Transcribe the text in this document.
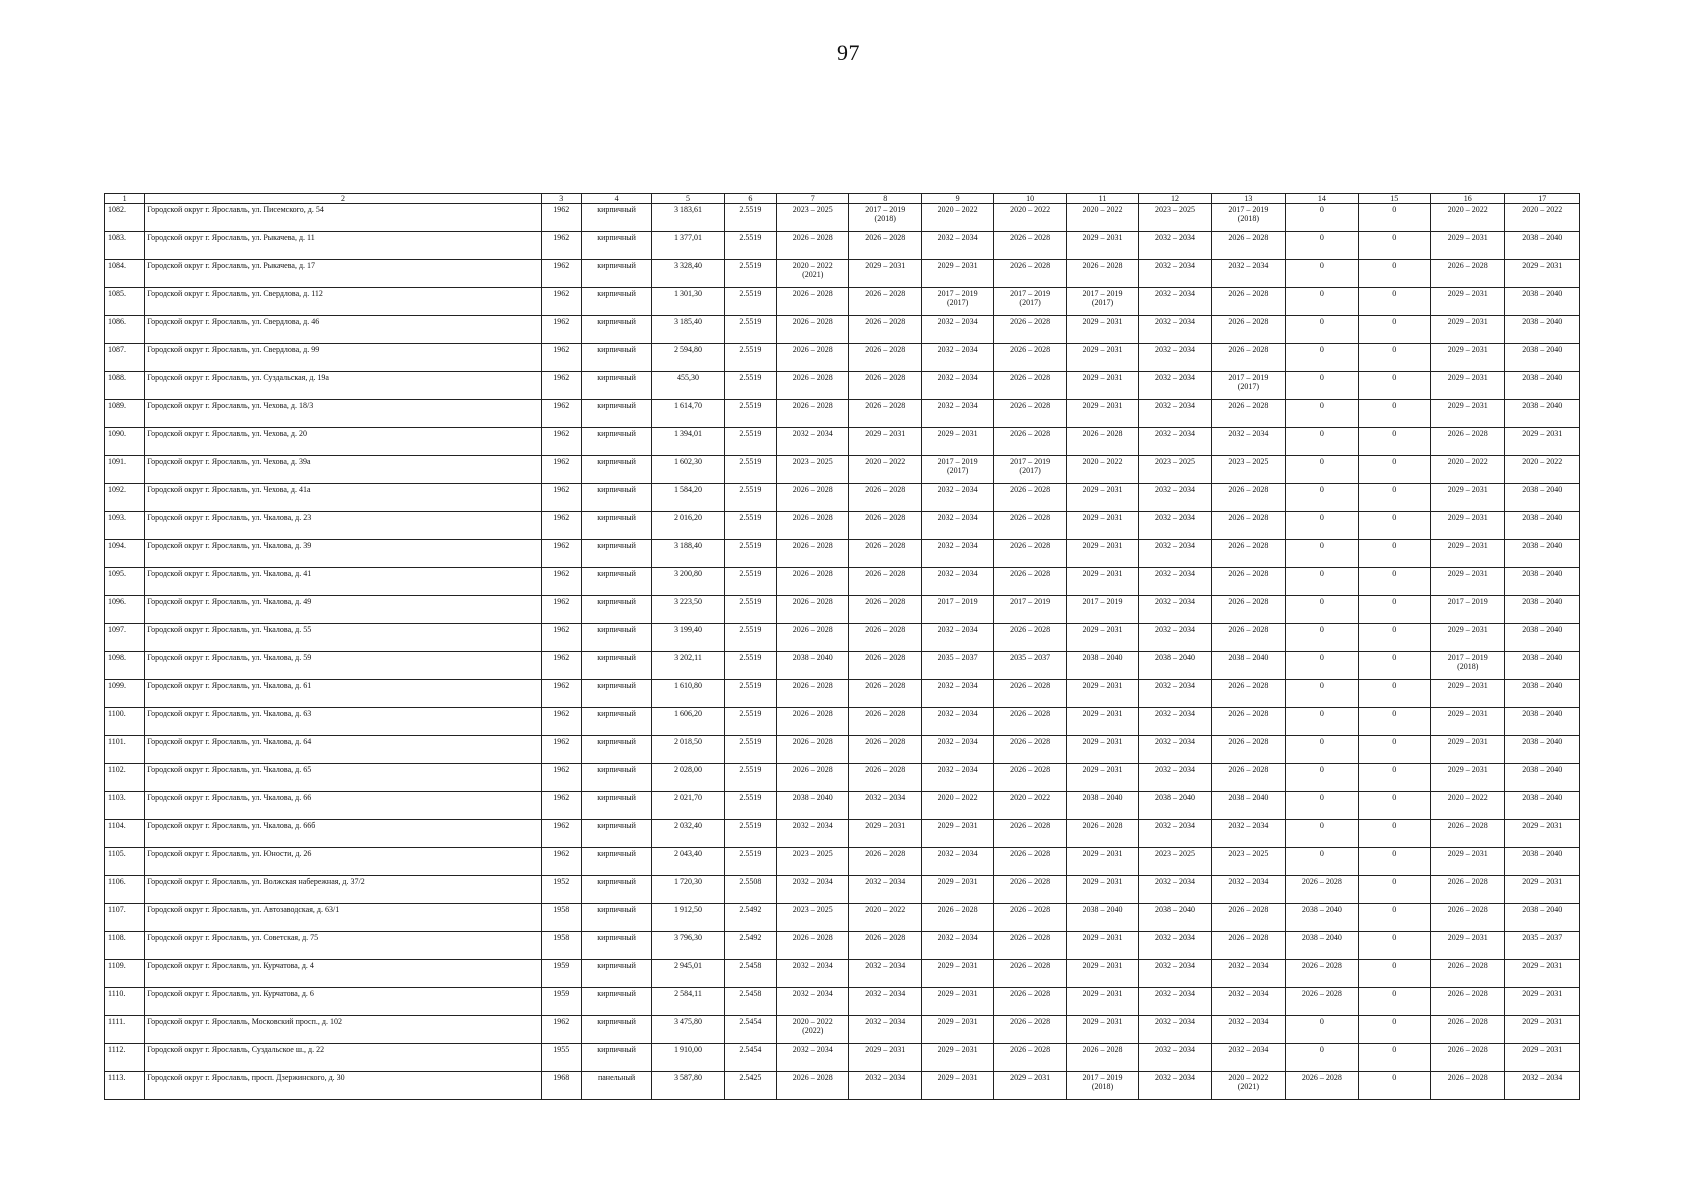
97
1	2	3	4	5	6	7	8	9	10	11	12	13	14	15	16	17

1082.	Городской округ г. Ярославль, ул. Писемского, д. 54	1962	кирпичный	3 183,61	2.5519	2023 – 2025	2017 – 2019
(2018)	2020 – 2022	2020 – 2022	2020 – 2022	2023 – 2025	2017 – 2019
(2018)	0	0	2020 – 2022	2020 – 2022

1083.	Городской округ г. Ярославль, ул. Рыкачева, д. 11	1962	кирпичный	1 377,01	2.5519	2026 – 2028	2026 – 2028	2032 – 2034	2026 – 2028	2029 – 2031	2032 – 2034	2026 – 2028	0	0	2029 – 2031	2038 – 2040

1084.	Городской округ г. Ярославль, ул. Рыкачева, д. 17	1962	кирпичный	3 328,40	2.5519	2020 – 2022
(2021)	2029 – 2031	2029 – 2031	2026 – 2028	2026 – 2028	2032 – 2034	2032 – 2034	0	0	2026 – 2028	2029 – 2031

1085.	Городской округ г. Ярославль, ул. Свердлова, д. 112	1962	кирпичный	1 301,30	2.5519	2026 – 2028	2026 – 2028	2017 – 2019
(2017)	2017 – 2019
(2017)	2017 – 2019
(2017)	2032 – 2034	2026 – 2028	0	0	2029 – 2031	2038 – 2040

1086.	Городской округ г. Ярославль, ул. Свердлова, д. 46	1962	кирпичный	3 185,40	2.5519	2026 – 2028	2026 – 2028	2032 – 2034	2026 – 2028	2029 – 2031	2032 – 2034	2026 – 2028	0	0	2029 – 2031	2038 – 2040

1087.	Городской округ г. Ярославль, ул. Свердлова, д. 99	1962	кирпичный	2 594,80	2.5519	2026 – 2028	2026 – 2028	2032 – 2034	2026 – 2028	2029 – 2031	2032 – 2034	2026 – 2028	0	0	2029 – 2031	2038 – 2040

1088.	Городской округ г. Ярославль, ул. Суздальская, д. 19а	1962	кирпичный	455,30	2.5519	2026 – 2028	2026 – 2028	2032 – 2034	2026 – 2028	2029 – 2031	2032 – 2034	2017 – 2019
(2017)	0	0	2029 – 2031	2038 – 2040

1089.	Городской округ г. Ярославль, ул. Чехова, д. 18/3	1962	кирпичный	1 614,70	2.5519	2026 – 2028	2026 – 2028	2032 – 2034	2026 – 2028	2029 – 2031	2032 – 2034	2026 – 2028	0	0	2029 – 2031	2038 – 2040

1090.	Городской округ г. Ярославль, ул. Чехова, д. 20	1962	кирпичный	1 394,01	2.5519	2032 – 2034	2029 – 2031	2029 – 2031	2026 – 2028	2026 – 2028	2032 – 2034	2032 – 2034	0	0	2026 – 2028	2029 – 2031

1091.	Городской округ г. Ярославль, ул. Чехова, д. 39а	1962	кирпичный	1 602,30	2.5519	2023 – 2025	2020 – 2022	2017 – 2019
(2017)	2017 – 2019
(2017)	2020 – 2022	2023 – 2025	2023 – 2025	0	0	2020 – 2022	2020 – 2022

1092.	Городской округ г. Ярославль, ул. Чехова, д. 41а	1962	кирпичный	1 584,20	2.5519	2026 – 2028	2026 – 2028	2032 – 2034	2026 – 2028	2029 – 2031	2032 – 2034	2026 – 2028	0	0	2029 – 2031	2038 – 2040

1093.	Городской округ г. Ярославль, ул. Чкалова, д. 23	1962	кирпичный	2 016,20	2.5519	2026 – 2028	2026 – 2028	2032 – 2034	2026 – 2028	2029 – 2031	2032 – 2034	2026 – 2028	0	0	2029 – 2031	2038 – 2040

1094.	Городской округ г. Ярославль, ул. Чкалова, д. 39	1962	кирпичный	3 188,40	2.5519	2026 – 2028	2026 – 2028	2032 – 2034	2026 – 2028	2029 – 2031	2032 – 2034	2026 – 2028	0	0	2029 – 2031	2038 – 2040

1095.	Городской округ г. Ярославль, ул. Чкалова, д. 41	1962	кирпичный	3 200,80	2.5519	2026 – 2028	2026 – 2028	2032 – 2034	2026 – 2028	2029 – 2031	2032 – 2034	2026 – 2028	0	0	2029 – 2031	2038 – 2040

1096.	Городской округ г. Ярославль, ул. Чкалова, д. 49	1962	кирпичный	3 223,50	2.5519	2026 – 2028	2026 – 2028	2017 – 2019	2017 – 2019	2017 – 2019	2032 – 2034	2026 – 2028	0	0	2017 – 2019	2038 – 2040

1097.	Городской округ г. Ярославль, ул. Чкалова, д. 55	1962	кирпичный	3 199,40	2.5519	2026 – 2028	2026 – 2028	2032 – 2034	2026 – 2028	2029 – 2031	2032 – 2034	2026 – 2028	0	0	2029 – 2031	2038 – 2040

1098.	Городской округ г. Ярославль, ул. Чкалова, д. 59	1962	кирпичный	3 202,11	2.5519	2038 – 2040	2026 – 2028	2035 – 2037	2035 – 2037	2038 – 2040	2038 – 2040	2038 – 2040	0	0	2017 – 2019
(2018)	2038 – 2040

1099.	Городской округ г. Ярославль, ул. Чкалова, д. 61	1962	кирпичный	1 610,80	2.5519	2026 – 2028	2026 – 2028	2032 – 2034	2026 – 2028	2029 – 2031	2032 – 2034	2026 – 2028	0	0	2029 – 2031	2038 – 2040

1100.	Городской округ г. Ярославль, ул. Чкалова, д. 63	1962	кирпичный	1 606,20	2.5519	2026 – 2028	2026 – 2028	2032 – 2034	2026 – 2028	2029 – 2031	2032 – 2034	2026 – 2028	0	0	2029 – 2031	2038 – 2040

1101.	Городской округ г. Ярославль, ул. Чкалова, д. 64	1962	кирпичный	2 018,50	2.5519	2026 – 2028	2026 – 2028	2032 – 2034	2026 – 2028	2029 – 2031	2032 – 2034	2026 – 2028	0	0	2029 – 2031	2038 – 2040

1102.	Городской округ г. Ярославль, ул. Чкалова, д. 65	1962	кирпичный	2 028,00	2.5519	2026 – 2028	2026 – 2028	2032 – 2034	2026 – 2028	2029 – 2031	2032 – 2034	2026 – 2028	0	0	2029 – 2031	2038 – 2040

1103.	Городской округ г. Ярославль, ул. Чкалова, д. 66	1962	кирпичный	2 021,70	2.5519	2038 – 2040	2032 – 2034	2020 – 2022	2020 – 2022	2038 – 2040	2038 – 2040	2038 – 2040	0	0	2020 – 2022	2038 – 2040

1104.	Городской округ г. Ярославль, ул. Чкалова, д. 66б	1962	кирпичный	2 032,40	2.5519	2032 – 2034	2029 – 2031	2029 – 2031	2026 – 2028	2026 – 2028	2032 – 2034	2032 – 2034	0	0	2026 – 2028	2029 – 2031

1105.	Городской округ г. Ярославль, ул. Юности, д. 26	1962	кирпичный	2 043,40	2.5519	2023 – 2025	2026 – 2028	2032 – 2034	2026 – 2028	2029 – 2031	2023 – 2025	2023 – 2025	0	0	2029 – 2031	2038 – 2040

1106.	Городской округ г. Ярославль, ул. Волжская набережная, д. 37/2	1952	кирпичный	1 720,30	2.5508	2032 – 2034	2032 – 2034	2029 – 2031	2026 – 2028	2029 – 2031	2032 – 2034	2032 – 2034	2026 – 2028	0	2026 – 2028	2029 – 2031

1107.	Городской округ г. Ярославль, ул. Автозаводская, д. 63/1	1958	кирпичный	1 912,50	2.5492	2023 – 2025	2020 – 2022	2026 – 2028	2026 – 2028	2038 – 2040	2038 – 2040	2026 – 2028	2038 – 2040	0	2026 – 2028	2038 – 2040

1108.	Городской округ г. Ярославль, ул. Советская, д. 75	1958	кирпичный	3 796,30	2.5492	2026 – 2028	2026 – 2028	2032 – 2034	2026 – 2028	2029 – 2031	2032 – 2034	2026 – 2028	2038 – 2040	0	2029 – 2031	2035 – 2037

1109.	Городской округ г. Ярославль, ул. Курчатова, д. 4	1959	кирпичный	2 945,01	2.5458	2032 – 2034	2032 – 2034	2029 – 2031	2026 – 2028	2029 – 2031	2032 – 2034	2032 – 2034	2026 – 2028	0	2026 – 2028	2029 – 2031

1110.	Городской округ г. Ярославль, ул. Курчатова, д. 6	1959	кирпичный	2 584,11	2.5458	2032 – 2034	2032 – 2034	2029 – 2031	2026 – 2028	2029 – 2031	2032 – 2034	2032 – 2034	2026 – 2028	0	2026 – 2028	2029 – 2031

1111.	Городской округ г. Ярославль, Московский просп., д. 102	1962	кирпичный	3 475,80	2.5454	2020 – 2022
(2022)	2032 – 2034	2029 – 2031	2026 – 2028	2029 – 2031	2032 – 2034	2032 – 2034	0	0	2026 – 2028	2029 – 2031

1112.	Городской округ г. Ярославль, Суздальское ш., д. 22	1955	кирпичный	1 910,00	2.5454	2032 – 2034	2029 – 2031	2029 – 2031	2026 – 2028	2026 – 2028	2032 – 2034	2032 – 2034	0	0	2026 – 2028	2029 – 2031

1113.	Городской округ г. Ярославль, просп. Дзержинского, д. 30	1968	панельный	3 587,80	2.5425	2026 – 2028	2032 – 2034	2029 – 2031	2029 – 2031	2017 – 2019
(2018)	2032 – 2034	2020 – 2022
(2021)	2026 – 2028	0	2026 – 2028	2032 – 2034
